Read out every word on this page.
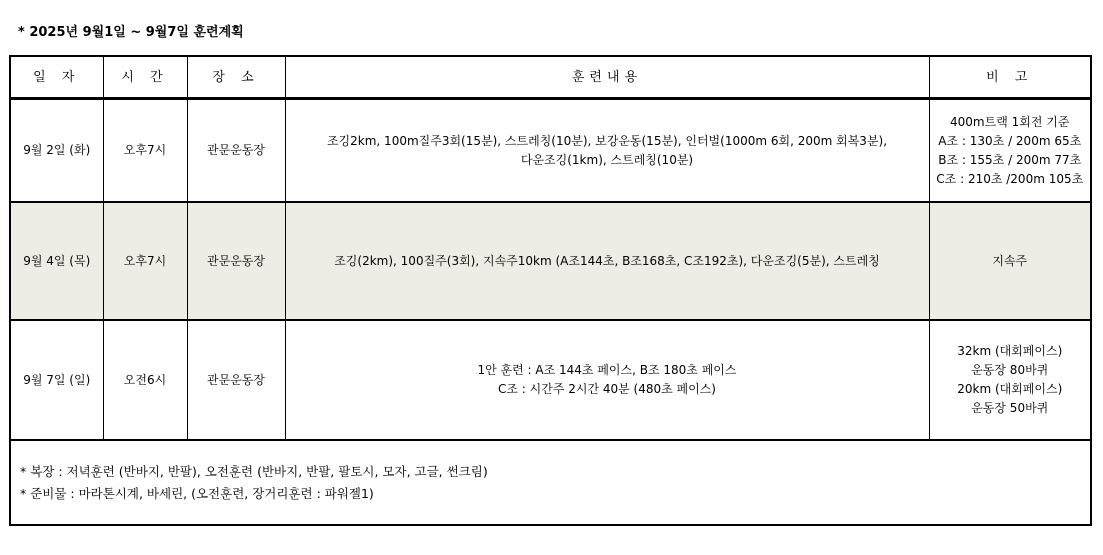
* 2025년 9월1일 ~ 9월7일 훈련계획
일 자	시 간	장 소	훈련내용	비 고
9월 2일 (화)	오후7시	관문운동장	조깅2km, 100m질주3회(15분), 스트레칭(10분), 보강운동(15분), 인터벌(1000m 6회, 200m 회복3분),
다운조깅(1km), 스트레칭(10분)	400m트랙 1회전 기준
A조 : 130초 / 200m 65초
B조 : 155초 / 200m 77초
C조 : 210초 /200m 105초

9월 4일 (목)	오후7시	관문운동장	조깅(2km), 100질주(3회), 지속주10km (A조144초, B조168초, C조192초), 다운조깅(5분), 스트레칭	지속주

9월 7일 (일)	오전6시	관문운동장	1안 훈련 : A조 144초 페이스, B조 180초 페이스
C조 : 시간주 2시간 40분 (480초 페이스)	32km (대회페이스)
운동장 80바퀴
20km (대회페이스)
운동장 50바퀴

* 복장 : 저녁훈련 (반바지, 반팔), 오전훈련 (반바지, 반팔, 팔토시, 모자, 고글, 썬크림)
* 준비물 : 마라톤시계, 바세린, (오전훈련, 장거리훈련 : 파워젤1)				
